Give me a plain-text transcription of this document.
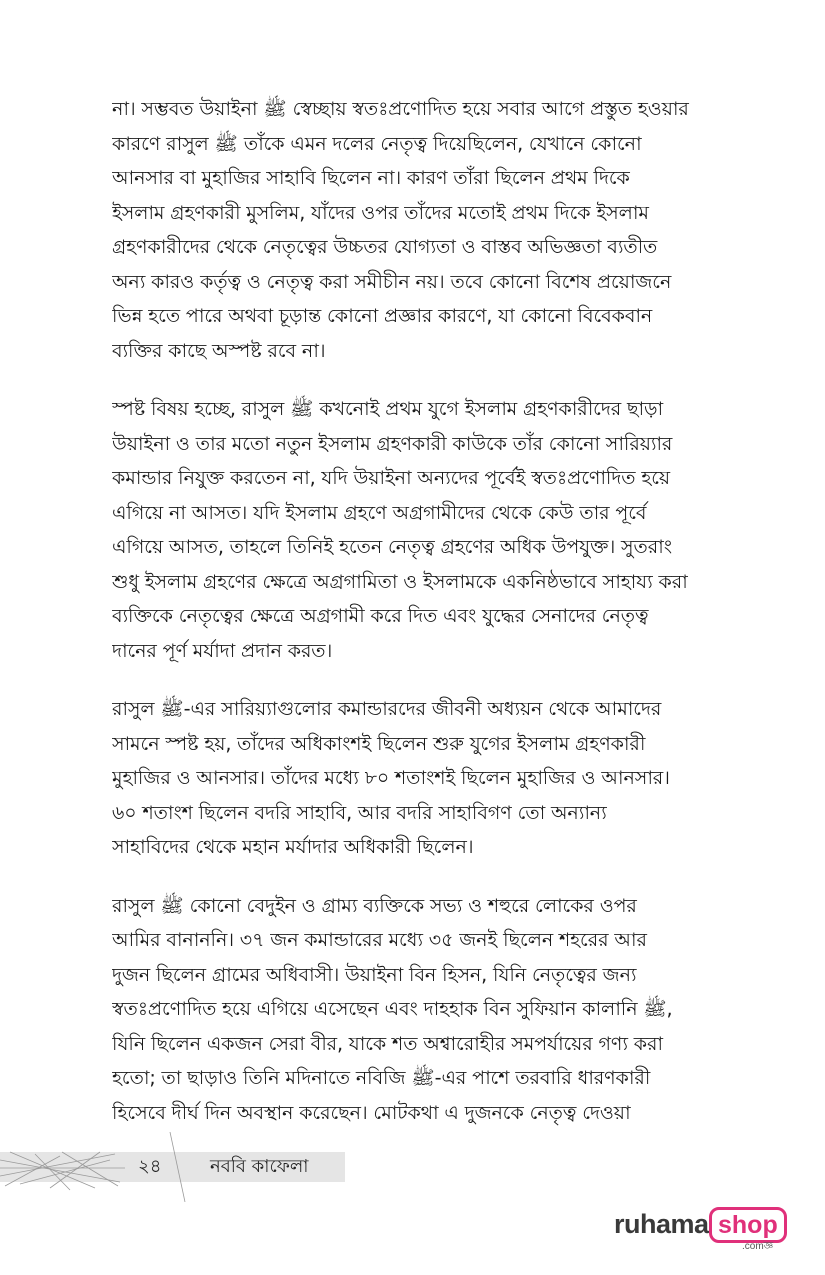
না। সম্ভবত উয়াইনা ﷺ স্বেচ্ছায় স্বতঃপ্রণোদিত হয়ে সবার আগে প্রস্তুত হওয়ার
কারণে রাসুল ﷺ তাঁকে এমন দলের নেতৃত্ব দিয়েছিলেন, যেখানে কোনো
আনসার বা মুহাজির সাহাবি ছিলেন না। কারণ তাঁরা ছিলেন প্রথম দিকে
ইসলাম গ্রহণকারী মুসলিম, যাঁদের ওপর তাঁদের মতোই প্রথম দিকে ইসলাম
গ্রহণকারীদের থেকে নেতৃত্বের উচ্চতর যোগ্যতা ও বাস্তব অভিজ্ঞতা ব্যতীত
অন্য কারও কর্তৃত্ব ও নেতৃত্ব করা সমীচীন নয়। তবে কোনো বিশেষ প্রয়োজনে
ভিন্ন হতে পারে অথবা চূড়ান্ত কোনো প্রজ্ঞার কারণে, যা কোনো বিবেকবান
ব্যক্তির কাছে অস্পষ্ট রবে না।

স্পষ্ট বিষয় হচ্ছে, রাসুল ﷺ কখনোই প্রথম যুগে ইসলাম গ্রহণকারীদের ছাড়া
উয়াইনা ও তার মতো নতুন ইসলাম গ্রহণকারী কাউকে তাঁর কোনো সারিয়্যার
কমান্ডার নিযুক্ত করতেন না, যদি উয়াইনা অন্যদের পূর্বেই স্বতঃপ্রণোদিত হয়ে
এগিয়ে না আসত। যদি ইসলাম গ্রহণে অগ্রগামীদের থেকে কেউ তার পূর্বে
এগিয়ে আসত, তাহলে তিনিই হতেন নেতৃত্ব গ্রহণের অধিক উপযুক্ত। সুতরাং
শুধু ইসলাম গ্রহণের ক্ষেত্রে অগ্রগামিতা ও ইসলামকে একনিষ্ঠভাবে সাহায্য করা
ব্যক্তিকে নেতৃত্বের ক্ষেত্রে অগ্রগামী করে দিত এবং যুদ্ধের সেনাদের নেতৃত্ব
দানের পূর্ণ মর্যাদা প্রদান করত।

রাসুল ﷺ-এর সারিয়্যাগুলোর কমান্ডারদের জীবনী অধ্যয়ন থেকে আমাদের
সামনে স্পষ্ট হয়, তাঁদের অধিকাংশই ছিলেন শুরু যুগের ইসলাম গ্রহণকারী
মুহাজির ও আনসার। তাঁদের মধ্যে ৮০ শতাংশই ছিলেন মুহাজির ও আনসার।
৬০ শতাংশ ছিলেন বদরি সাহাবি, আর বদরি সাহাবিগণ তো অন্যান্য
সাহাবিদের থেকে মহান মর্যাদার অধিকারী ছিলেন।

রাসুল ﷺ কোনো বেদুইন ও গ্রাম্য ব্যক্তিকে সভ্য ও শহুরে লোকের ওপর
আমির বানাননি। ৩৭ জন কমান্ডারের মধ্যে ৩৫ জনই ছিলেন শহরের আর
দুজন ছিলেন গ্রামের অধিবাসী। উয়াইনা বিন হিসন, যিনি নেতৃত্বের জন্য
স্বতঃপ্রণোদিত হয়ে এগিয়ে এসেছেন এবং দাহহাক বিন সুফিয়ান কালানি ﷺ,
যিনি ছিলেন একজন সেরা বীর, যাকে শত অশ্বারোহীর সমপর্যায়ের গণ্য করা
হতো; তা ছাড়াও তিনি মদিনাতে নবিজি ﷺ-এর পাশে তরবারি ধারণকারী
হিসেবে দীর্ঘ দিন অবস্থান করেছেন। মোটকথা এ দুজনকে নেতৃত্ব দেওয়া

২৪	নববি কাফেলা
ruhama shop
.comজ্ঞ
